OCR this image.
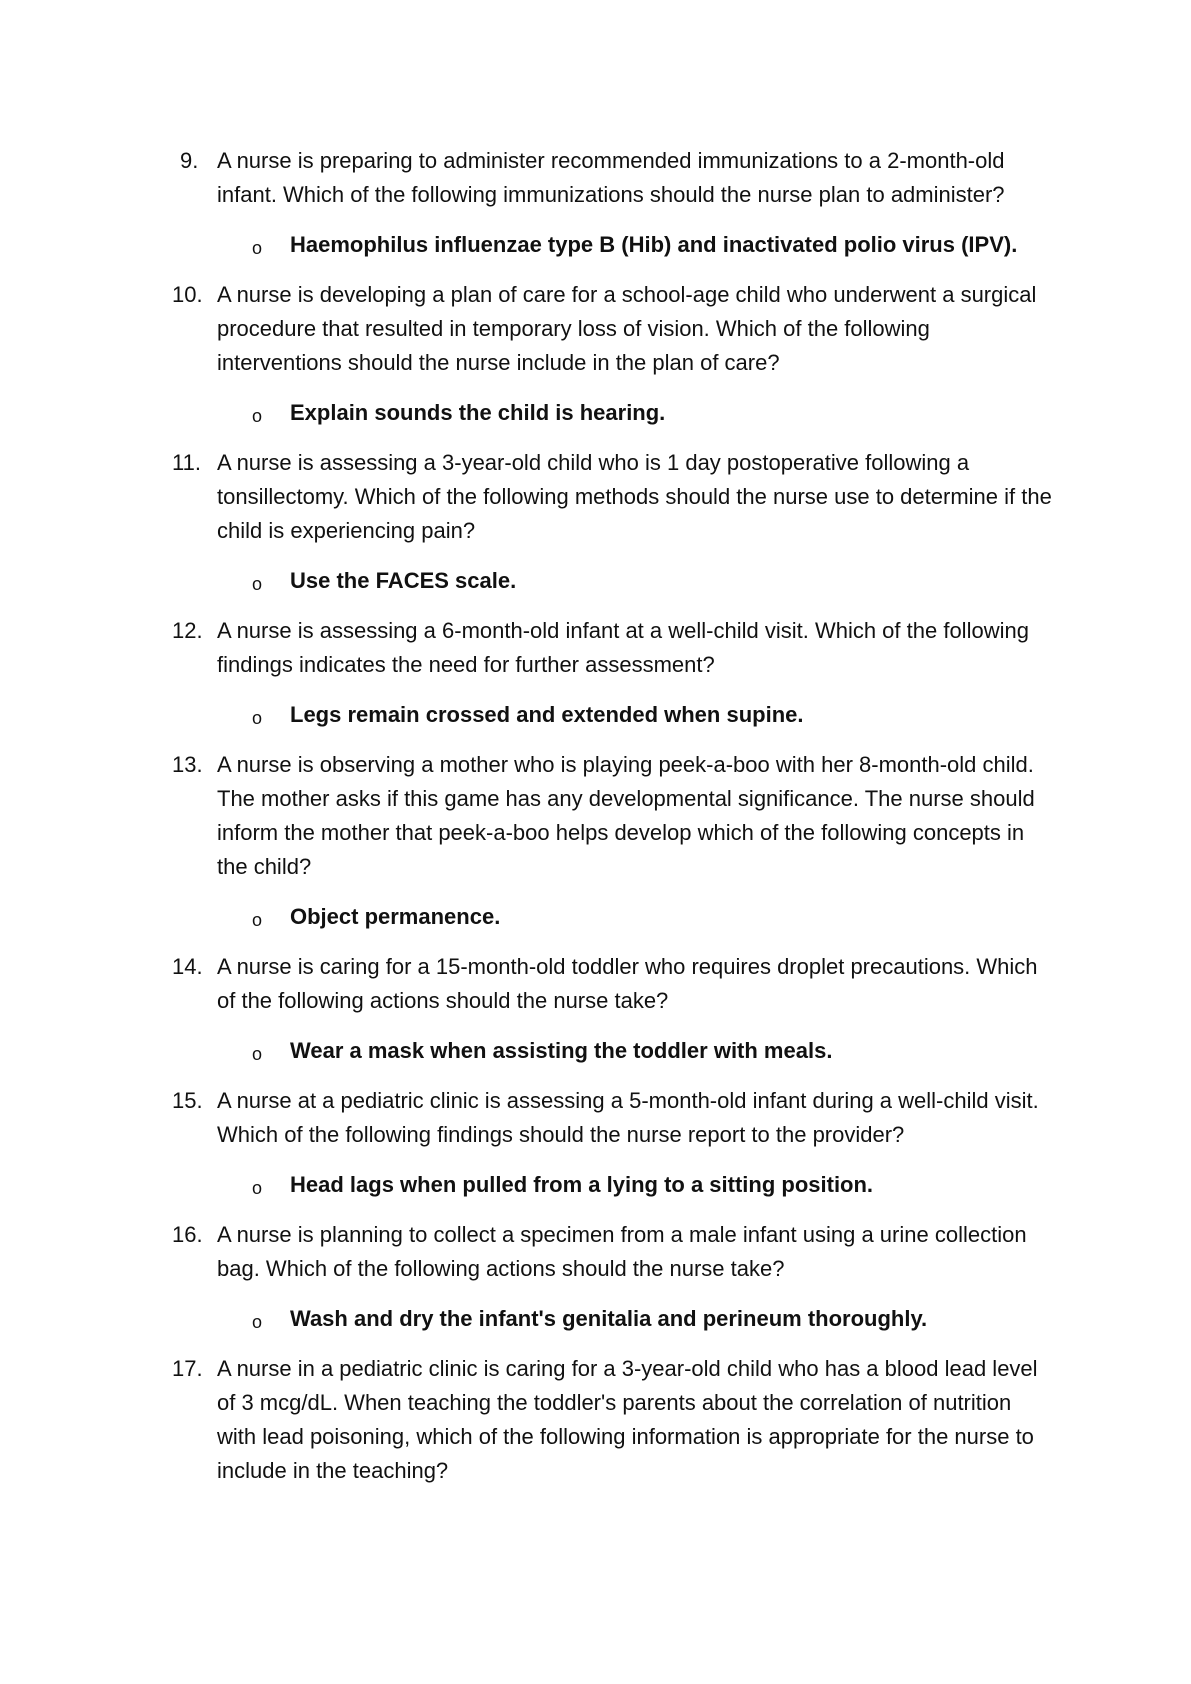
9. A nurse is preparing to administer recommended immunizations to a 2-month-old infant. Which of the following immunizations should the nurse plan to administer?
o Haemophilus influenzae type B (Hib) and inactivated polio virus (IPV).
10. A nurse is developing a plan of care for a school-age child who underwent a surgical procedure that resulted in temporary loss of vision. Which of the following interventions should the nurse include in the plan of care?
o Explain sounds the child is hearing.
11. A nurse is assessing a 3-year-old child who is 1 day postoperative following a tonsillectomy. Which of the following methods should the nurse use to determine if the child is experiencing pain?
o Use the FACES scale.
12. A nurse is assessing a 6-month-old infant at a well-child visit. Which of the following findings indicates the need for further assessment?
o Legs remain crossed and extended when supine.
13. A nurse is observing a mother who is playing peek-a-boo with her 8-month-old child. The mother asks if this game has any developmental significance. The nurse should inform the mother that peek-a-boo helps develop which of the following concepts in the child?
o Object permanence.
14. A nurse is caring for a 15-month-old toddler who requires droplet precautions. Which of the following actions should the nurse take?
o Wear a mask when assisting the toddler with meals.
15. A nurse at a pediatric clinic is assessing a 5-month-old infant during a well-child visit. Which of the following findings should the nurse report to the provider?
o Head lags when pulled from a lying to a sitting position.
16. A nurse is planning to collect a specimen from a male infant using a urine collection bag. Which of the following actions should the nurse take?
o Wash and dry the infant's genitalia and perineum thoroughly.
17. A nurse in a pediatric clinic is caring for a 3-year-old child who has a blood lead level of 3 mcg/dL. When teaching the toddler's parents about the correlation of nutrition with lead poisoning, which of the following information is appropriate for the nurse to include in the teaching?
